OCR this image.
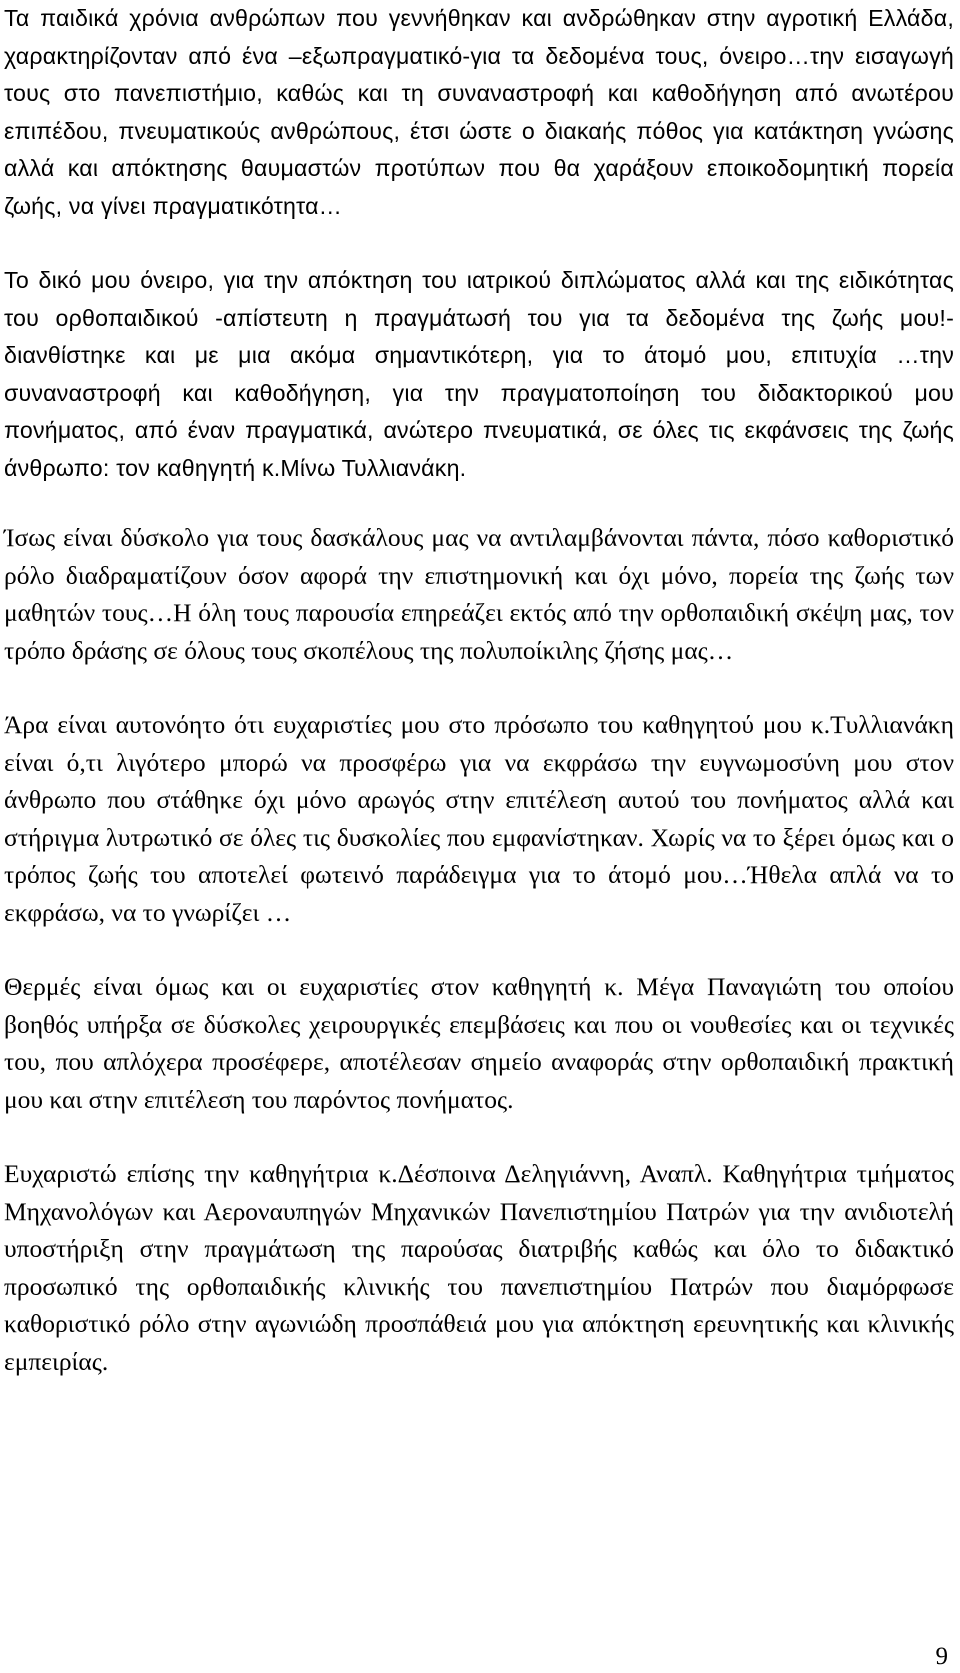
Τα παιδικά χρόνια ανθρώπων που γεννήθηκαν και ανδρώθηκαν στην αγροτική Ελλάδα, χαρακτηρίζονταν από ένα –εξωπραγματικό-για τα δεδομένα τους, όνειρο…την εισαγωγή τους στο πανεπιστήμιο, καθώς και τη συναναστροφή και καθοδήγηση από ανωτέρου επιπέδου, πνευματικούς ανθρώπους, έτσι ώστε ο διακαής πόθος για κατάκτηση γνώσης αλλά και απόκτησης θαυμαστών προτύπων που θα χαράξουν εποικοδομητική πορεία ζωής, να γίνει πραγματικότητα…

Το δικό μου όνειρο, για την απόκτηση του ιατρικού διπλώματος αλλά και της ειδικότητας του ορθοπαιδικού -απίστευτη η πραγμάτωσή του για τα δεδομένα της ζωής μου!- διανθίστηκε και με μια ακόμα σημαντικότερη, για το άτομό μου, επιτυχία …την συναναστροφή και καθοδήγηση, για την πραγματοποίηση του διδακτορικού μου πονήματος, από έναν πραγματικά, ανώτερο πνευματικά, σε όλες τις εκφάνσεις της ζωής άνθρωπο: τον καθηγητή κ.Μίνω Τυλλιανάκη.

Ίσως είναι δύσκολο για τους δασκάλους μας να αντιλαμβάνονται πάντα, πόσο καθοριστικό ρόλο διαδραματίζουν όσον αφορά την επιστημονική και όχι μόνο, πορεία της ζωής των μαθητών τους…Η όλη τους παρουσία επηρεάζει εκτός από την ορθοπαιδική σκέψη μας, τον τρόπο δράσης σε όλους τους σκοπέλους της πολυποίκιλης ζήσης μας…

Άρα είναι αυτονόητο ότι ευχαριστίες μου στο πρόσωπο του καθηγητού μου κ.Τυλλιανάκη είναι ό,τι λιγότερο μπορώ να προσφέρω για να εκφράσω την ευγνωμοσύνη μου στον άνθρωπο που στάθηκε όχι μόνο αρωγός στην επιτέλεση αυτού του πονήματος αλλά και στήριγμα λυτρωτικό σε όλες τις δυσκολίες που εμφανίστηκαν. Χωρίς να το ξέρει όμως και ο τρόπος ζωής του αποτελεί φωτεινό παράδειγμα για το άτομό μου…Ήθελα απλά να το εκφράσω, να το γνωρίζει …

Θερμές είναι όμως και οι ευχαριστίες στον καθηγητή κ. Μέγα Παναγιώτη του οποίου βοηθός υπήρξα σε δύσκολες χειρουργικές επεμβάσεις και που οι νουθεσίες και οι τεχνικές του, που απλόχερα προσέφερε, αποτέλεσαν σημείο αναφοράς στην ορθοπαιδική πρακτική μου και στην επιτέλεση του παρόντος πονήματος.

Ευχαριστώ επίσης την καθηγήτρια κ.Δέσποινα Δεληγιάννη, Αναπλ. Καθηγήτρια τμήματος Μηχανολόγων και Αεροναυπηγών Μηχανικών Πανεπιστημίου Πατρών για την ανιδιοτελή υποστήριξη στην πραγμάτωση της παρούσας διατριβής καθώς και όλο το διδακτικό προσωπικό της ορθοπαιδικής κλινικής του πανεπιστημίου Πατρών που διαμόρφωσε καθοριστικό ρόλο στην αγωνιώδη προσπάθειά μου για απόκτηση ερευνητικής και κλινικής εμπειρίας.

9
